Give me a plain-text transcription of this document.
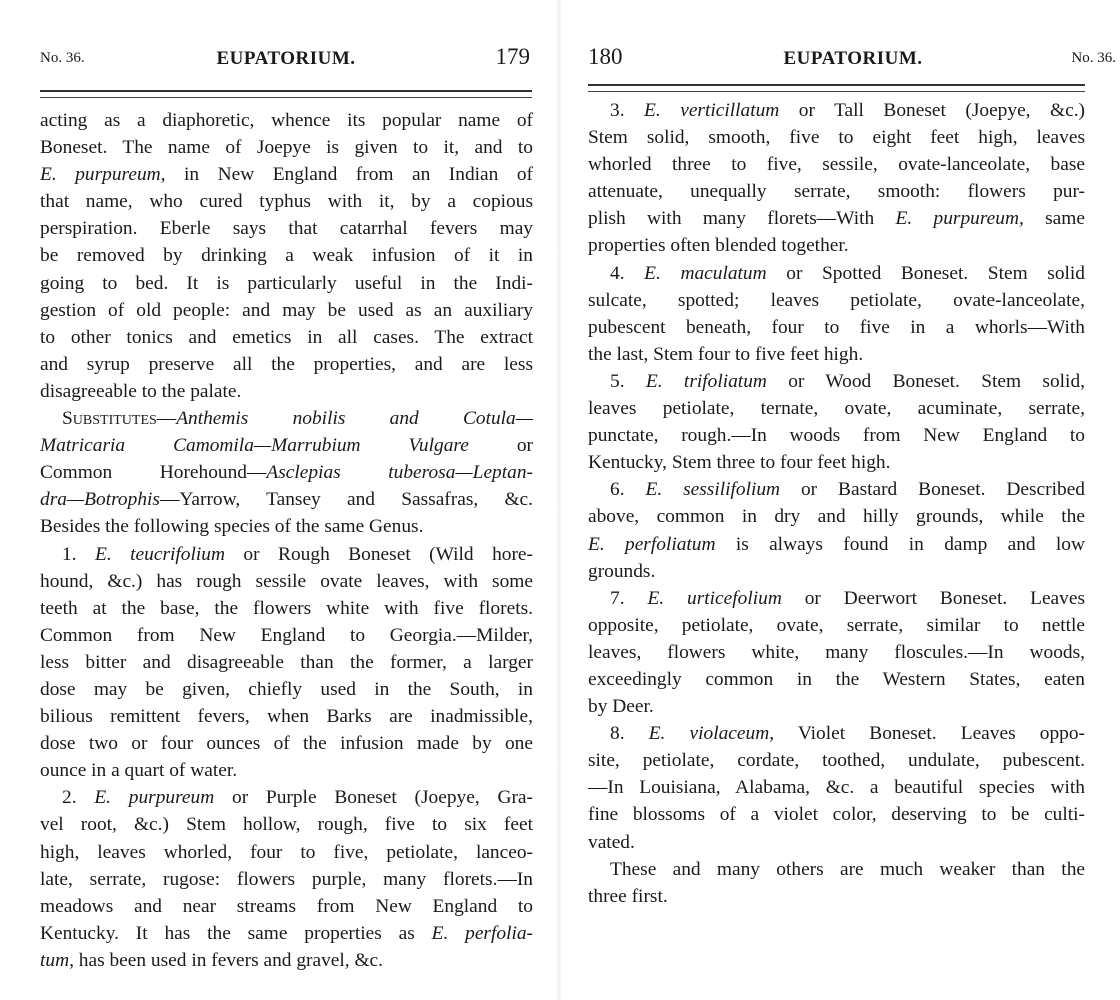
No. 36.	EUPATORIUM.	179
acting as a diaphoretic, whence its popular name of
Boneset. The name of Joepye is given to it, and to
E. purpureum, in New England from an Indian of
that name, who cured typhus with it, by a copious
perspiration. Eberle says that catarrhal fevers may
be removed by drinking a weak infusion of it in
going to bed. It is particularly useful in the Indi-
gestion of old people: and may be used as an auxiliary
to other tonics and emetics in all cases. The extract
and syrup preserve all the properties, and are less
disagreeable to the palate.
Substitutes—Anthemis nobilis and Cotula—
Matricaria Camomila—Marrubium Vulgare or
Common Horehound—Asclepias tuberosa—Leptan-
dra—Botrophis—Yarrow, Tansey and Sassafras, &c.
Besides the following species of the same Genus.
1. E. teucrifolium or Rough Boneset (Wild hore-
hound, &c.) has rough sessile ovate leaves, with some
teeth at the base, the flowers white with five florets.
Common from New England to Georgia.—Milder,
less bitter and disagreeable than the former, a larger
dose may be given, chiefly used in the South, in
bilious remittent fevers, when Barks are inadmissible,
dose two or four ounces of the infusion made by one
ounce in a quart of water.
2. E. purpureum or Purple Boneset (Joepye, Gra-
vel root, &c.) Stem hollow, rough, five to six feet
high, leaves whorled, four to five, petiolate, lanceo-
late, serrate, rugose: flowers purple, many florets.—In
meadows and near streams from New England to
Kentucky. It has the same properties as E. perfolia-
tum, has been used in fevers and gravel, &c.
180	EUPATORIUM.	No. 36.
3. E. verticillatum or Tall Boneset (Joepye, &c.)
Stem solid, smooth, five to eight feet high, leaves
whorled three to five, sessile, ovate-lanceolate, base
attenuate, unequally serrate, smooth: flowers pur-
plish with many florets—With E. purpureum, same
properties often blended together.
4. E. maculatum or Spotted Boneset. Stem solid
sulcate, spotted; leaves petiolate, ovate-lanceolate,
pubescent beneath, four to five in a whorls—With
the last, Stem four to five feet high.
5. E. trifoliatum or Wood Boneset. Stem solid,
leaves petiolate, ternate, ovate, acuminate, serrate,
punctate, rough.—In woods from New England to
Kentucky, Stem three to four feet high.
6. E. sessilifolium or Bastard Boneset. Described
above, common in dry and hilly grounds, while the
E. perfoliatum is always found in damp and low
grounds.
7. E. urticefolium or Deerwort Boneset. Leaves
opposite, petiolate, ovate, serrate, similar to nettle
leaves, flowers white, many floscules.—In woods,
exceedingly common in the Western States, eaten
by Deer.
8. E. violaceum, Violet Boneset. Leaves oppo-
site, petiolate, cordate, toothed, undulate, pubescent.
—In Louisiana, Alabama, &c. a beautiful species with
fine blossoms of a violet color, deserving to be culti-
vated.
These and many others are much weaker than the
three first.
